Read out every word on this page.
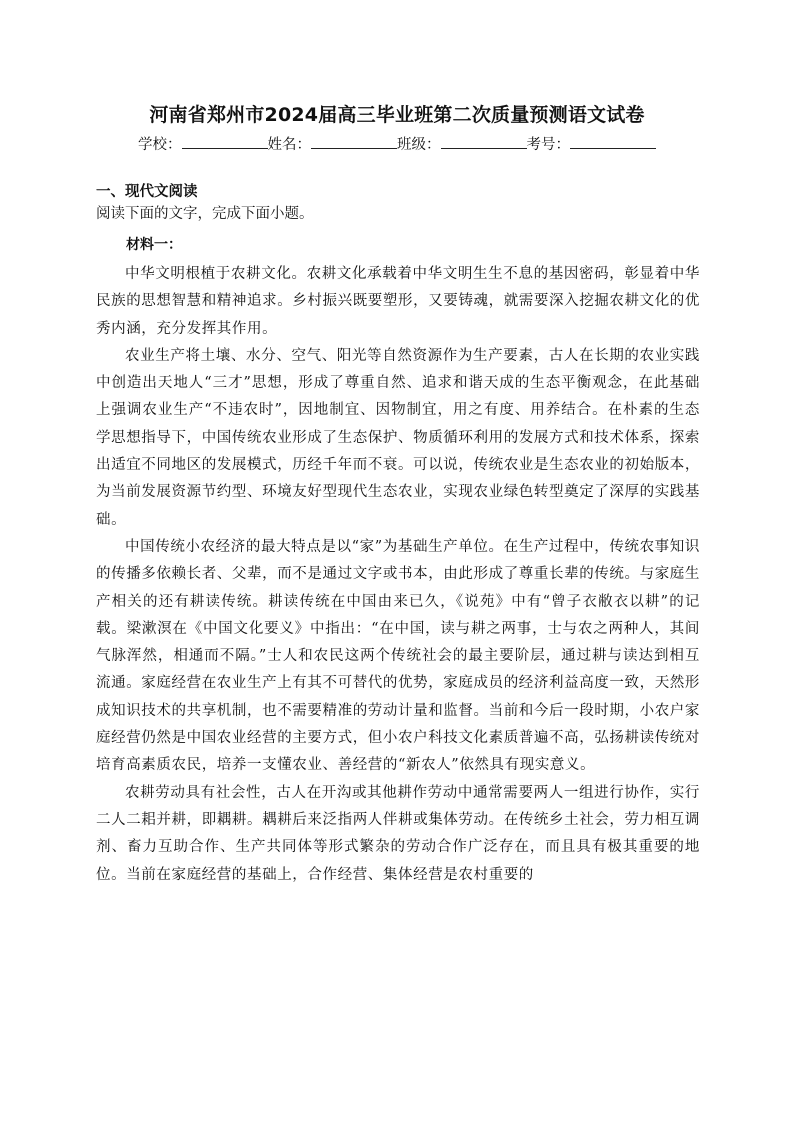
河南省郑州市2024届高三毕业班第二次质量预测语文试卷
学校：	姓名：	班级：	考号：
一、现代文阅读

阅读下面的文字，完成下面小题。

材料一：

中华文明根植于农耕文化。农耕文化承载着中华文明生生不息的基因密码，彰显着中华民族的思想智慧和精神追求。乡村振兴既要塑形，又要铸魂，就需要深入挖掘农耕文化的优秀内涵，充分发挥其作用。

农业生产将土壤、水分、空气、阳光等自然资源作为生产要素，古人在长期的农业实践中创造出天地人“三才”思想，形成了尊重自然、追求和谐天成的生态平衡观念，在此基础上强调农业生产“不违农时”，因地制宜、因物制宜，用之有度、用养结合。在朴素的生态学思想指导下，中国传统农业形成了生态保护、物质循环利用的发展方式和技术体系，探索出适宜不同地区的发展模式，历经千年而不衰。可以说，传统农业是生态农业的初始版本，为当前发展资源节约型、环境友好型现代生态农业，实现农业绿色转型奠定了深厚的实践基础。

中国传统小农经济的最大特点是以“家”为基础生产单位。在生产过程中，传统农事知识的传播多依赖长者、父辈，而不是通过文字或书本，由此形成了尊重长辈的传统。与家庭生产相关的还有耕读传统。耕读传统在中国由来已久，《说苑》中有“曾子衣敝衣以耕”的记载。梁漱溟在《中国文化要义》中指出：“在中国，读与耕之两事，士与农之两种人，其间气脉浑然，相通而不隔。”士人和农民这两个传统社会的最主要阶层，通过耕与读达到相互流通。家庭经营在农业生产上有其不可替代的优势，家庭成员的经济利益高度一致，天然形成知识技术的共享机制，也不需要精准的劳动计量和监督。当前和今后一段时期，小农户家庭经营仍然是中国农业经营的主要方式，但小农户科技文化素质普遍不高，弘扬耕读传统对培育高素质农民，培养一支懂农业、善经营的“新农人”依然具有现实意义。

农耕劳动具有社会性，古人在开沟或其他耕作劳动中通常需要两人一组进行协作，实行二人二耜并耕，即耦耕。耦耕后来泛指两人伴耕或集体劳动。在传统乡土社会，劳力相互调剂、畜力互助合作、生产共同体等形式繁杂的劳动合作广泛存在，而且具有极其重要的地位。当前在家庭经营的基础上，合作经营、集体经营是农村重要的
